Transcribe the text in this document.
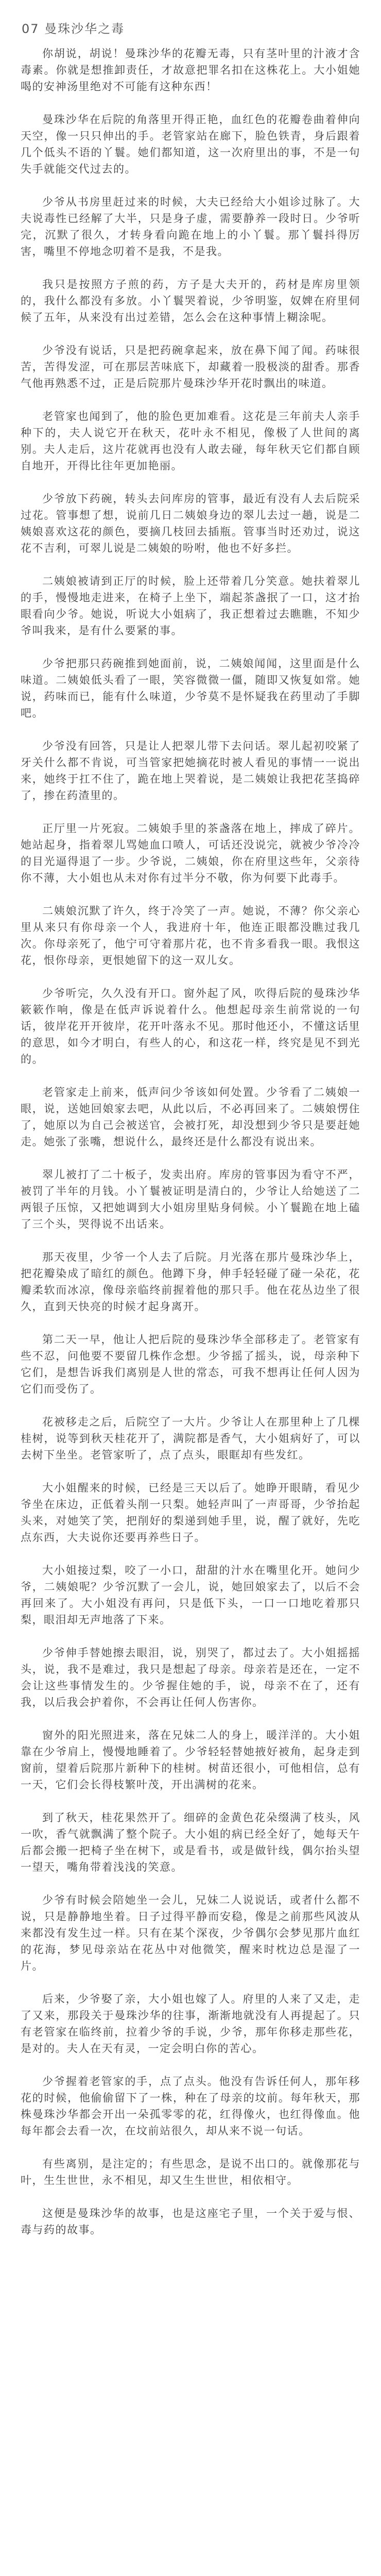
07 曼珠沙华之毒

你胡说，胡说！曼珠沙华的花瓣无毒，只有茎叶里的汁液才含毒素。你就是想推卸责任，才故意把罪名扣在这株花上。大小姐她喝的安神汤里绝对不可能有这种东西！

曼珠沙华在后院的角落里开得正艳，血红色的花瓣卷曲着伸向天空，像一只只伸出的手。老管家站在廊下，脸色铁青，身后跟着几个低头不语的丫鬟。她们都知道，这一次府里出的事，不是一句失手就能交代过去的。

少爷从书房里赶过来的时候，大夫已经给大小姐诊过脉了。大夫说毒性已经解了大半，只是身子虚，需要静养一段时日。少爷听完，沉默了很久，才转身看向跪在地上的小丫鬟。那丫鬟抖得厉害，嘴里不停地念叨着不是我，不是我。

我只是按照方子煎的药，方子是大夫开的，药材是库房里领的，我什么都没有多放。小丫鬟哭着说，少爷明鉴，奴婢在府里伺候了五年，从来没有出过差错，怎么会在这种事情上糊涂呢。

少爷没有说话，只是把药碗拿起来，放在鼻下闻了闻。药味很苦，苦得发涩，可在那层苦味底下，却藏着一股极淡的甜香。那香气他再熟悉不过，正是后院那片曼珠沙华开花时飘出的味道。

老管家也闻到了，他的脸色更加难看。这花是三年前夫人亲手种下的，夫人说它开在秋天，花叶永不相见，像极了人世间的离别。夫人走后，这片花就再也没有人敢去碰，每年秋天它们都自顾自地开，开得比往年更加艳丽。

少爷放下药碗，转头去问库房的管事，最近有没有人去后院采过花。管事想了想，说前几日二姨娘身边的翠儿去过一趟，说是二姨娘喜欢这花的颜色，要摘几枝回去插瓶。管事当时还劝过，说这花不吉利，可翠儿说是二姨娘的吩咐，他也不好多拦。

二姨娘被请到正厅的时候，脸上还带着几分笑意。她扶着翠儿的手，慢慢地走进来，在椅子上坐下，端起茶盏抿了一口，这才抬眼看向少爷。她说，听说大小姐病了，我正想着过去瞧瞧，不知少爷叫我来，是有什么要紧的事。

少爷把那只药碗推到她面前，说，二姨娘闻闻，这里面是什么味道。二姨娘低头看了一眼，笑容微微一僵，随即又恢复如常。她说，药味而已，能有什么味道，少爷莫不是怀疑我在药里动了手脚吧。

少爷没有回答，只是让人把翠儿带下去问话。翠儿起初咬紧了牙关什么都不肯说，可当管家把她摘花时被人看见的事情一一说出来，她终于扛不住了，跪在地上哭着说，是二姨娘让我把花茎捣碎了，掺在药渣里的。

正厅里一片死寂。二姨娘手里的茶盏落在地上，摔成了碎片。她站起身，指着翠儿骂她血口喷人，可话还没说完，就被少爷冷冷的目光逼得退了一步。少爷说，二姨娘，你在府里这些年，父亲待你不薄，大小姐也从未对你有过半分不敬，你为何要下此毒手。

二姨娘沉默了许久，终于冷笑了一声。她说，不薄？你父亲心里从来只有你母亲一个人，我进府十年，他连正眼都没瞧过我几次。你母亲死了，他宁可守着那片花，也不肯多看我一眼。我恨这花，恨你母亲，更恨她留下的这一双儿女。

少爷听完，久久没有开口。窗外起了风，吹得后院的曼珠沙华簌簌作响，像是在低声诉说着什么。他想起母亲生前常说的一句话，彼岸花开开彼岸，花开叶落永不见。那时他还小，不懂这话里的意思，如今才明白，有些人的心，和这花一样，终究是见不到光的。

老管家走上前来，低声问少爷该如何处置。少爷看了二姨娘一眼，说，送她回娘家去吧，从此以后，不必再回来了。二姨娘愣住了，她原以为自己会被送官，会被打死，却没想到少爷只是要赶她走。她张了张嘴，想说什么，最终还是什么都没有说出来。

翠儿被打了二十板子，发卖出府。库房的管事因为看守不严，被罚了半年的月钱。小丫鬟被证明是清白的，少爷让人给她送了二两银子压惊，又把她调到大小姐房里贴身伺候。小丫鬟跪在地上磕了三个头，哭得说不出话来。

那天夜里，少爷一个人去了后院。月光落在那片曼珠沙华上，把花瓣染成了暗红的颜色。他蹲下身，伸手轻轻碰了碰一朵花，花瓣柔软而冰凉，像母亲临终前握着他的那只手。他在花丛边坐了很久，直到天快亮的时候才起身离开。

第二天一早，他让人把后院的曼珠沙华全部移走了。老管家有些不忍，问他要不要留几株作念想。少爷摇了摇头，说，母亲种下它们，是想告诉我们离别是人世的常态，可我不想再让任何人因为它们而受伤了。

花被移走之后，后院空了一大片。少爷让人在那里种上了几棵桂树，说等到秋天桂花开了，满院都是香气，大小姐病好了，可以去树下坐坐。老管家听了，点了点头，眼眶却有些发红。

大小姐醒来的时候，已经是三天以后了。她睁开眼睛，看见少爷坐在床边，正低着头削一只梨。她轻声叫了一声哥哥，少爷抬起头来，对她笑了笑，把削好的梨递到她手里，说，醒了就好，先吃点东西，大夫说你还要再养些日子。

大小姐接过梨，咬了一小口，甜甜的汁水在嘴里化开。她问少爷，二姨娘呢？少爷沉默了一会儿，说，她回娘家去了，以后不会再回来了。大小姐没有再问，只是低下头，一口一口地吃着那只梨，眼泪却无声地落了下来。

少爷伸手替她擦去眼泪，说，别哭了，都过去了。大小姐摇摇头，说，我不是难过，我只是想起了母亲。母亲若是还在，一定不会让这些事情发生的。少爷握住她的手，说，母亲不在了，还有我，以后我会护着你，不会再让任何人伤害你。

窗外的阳光照进来，落在兄妹二人的身上，暖洋洋的。大小姐靠在少爷肩上，慢慢地睡着了。少爷轻轻替她掖好被角，起身走到窗前，望着后院那片新种下的桂树。树苗还很小，可他相信，总有一天，它们会长得枝繁叶茂，开出满树的花来。

到了秋天，桂花果然开了。细碎的金黄色花朵缀满了枝头，风一吹，香气就飘满了整个院子。大小姐的病已经全好了，她每天午后都会搬一把椅子坐在树下，或是看书，或是做针线，偶尔抬头望一望天，嘴角带着浅浅的笑意。

少爷有时候会陪她坐一会儿，兄妹二人说说话，或者什么都不说，只是静静地坐着。日子过得平静而安稳，像是之前那些风波从来都没有发生过一样。只有在某个深夜，少爷偶尔会梦见那片血红的花海，梦见母亲站在花丛中对他微笑，醒来时枕边总是湿了一片。

后来，少爷娶了亲，大小姐也嫁了人。府里的人来了又走，走了又来，那段关于曼珠沙华的往事，渐渐地就没有人再提起了。只有老管家在临终前，拉着少爷的手说，少爷，那年你移走那些花，是对的。夫人在天有灵，一定会明白你的苦心。

少爷握着老管家的手，点了点头。他没有告诉任何人，那年移花的时候，他偷偷留下了一株，种在了母亲的坟前。每年秋天，那株曼珠沙华都会开出一朵孤零零的花，红得像火，也红得像血。他每年都会去看一次，在坟前站很久，却从来不说一句话。

有些离别，是注定的；有些思念，是说不出口的。就像那花与叶，生生世世，永不相见，却又生生世世，相依相守。

这便是曼珠沙华的故事，也是这座宅子里，一个关于爱与恨、毒与药的故事。
